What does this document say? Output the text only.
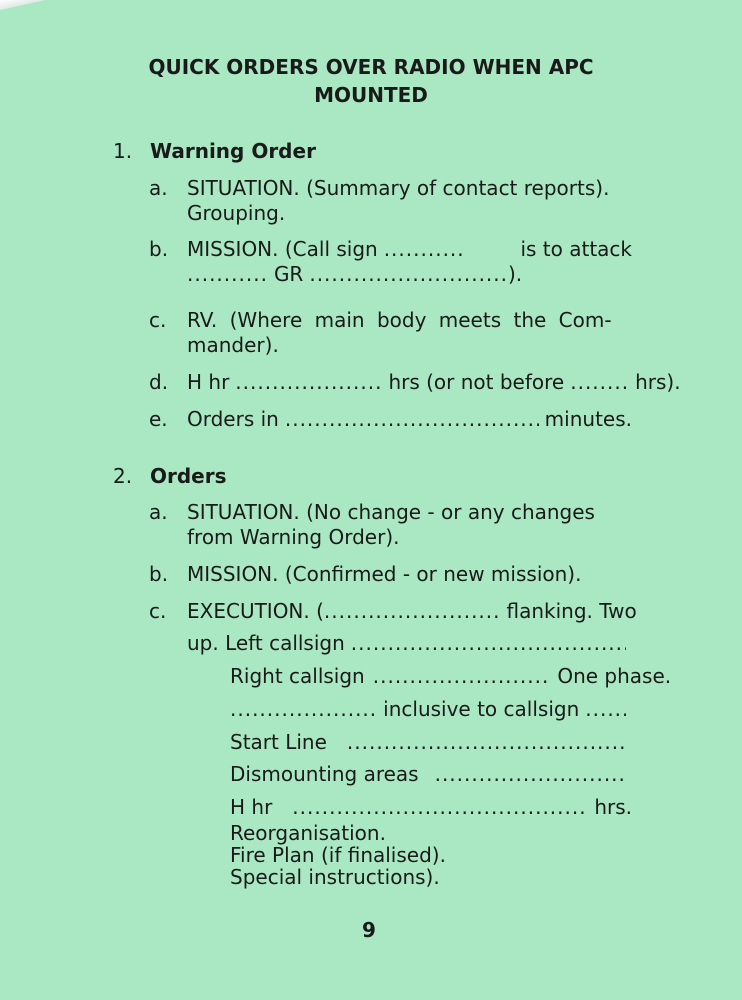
QUICK ORDERS OVER RADIO WHEN APC
MOUNTED
1. Warning Order
a. SITUATION. (Summary of contact reports).
Grouping.
b. MISSION. (Call sign ...........	is to attack
........... GR ...........................).
c.	RV. (Where main body meets the Com-
mander).
d. H hr .................... hrs (or not before ........ hrs).
e. Orders in .....	minutes.
2. Orders
a. SITUATION. (No change - or any changes
from Warning Order).
b. MISSION. (Confirmed - or new mission).
c.	EXECUTION. ( ........................ flanking. Two
up. Left callsign
.....
Right callsign ........................ One phase.
.................... inclusive to callsign
.....
Start Line
.....
Dismounting areas
.....
H hr .....	hrs.
Reorganisation.
Fire Plan (if finalised).
Special instructions).
9
